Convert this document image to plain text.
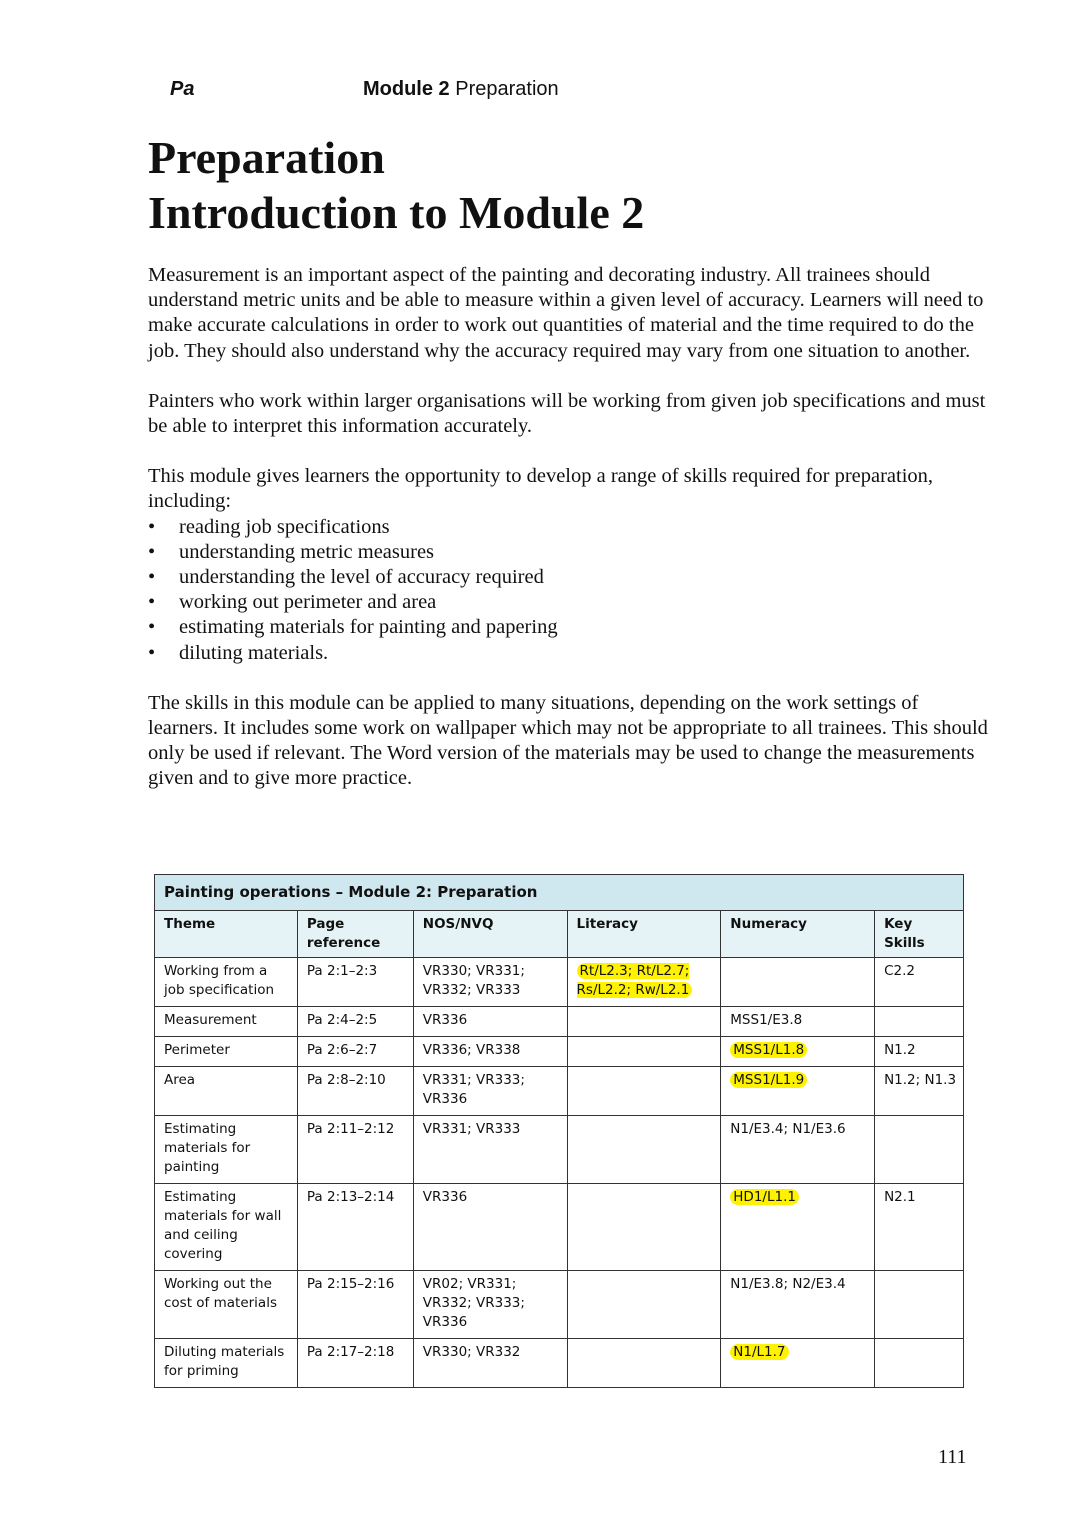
Pa	Module 2 Preparation
Preparation
Introduction to Module 2

Measurement is an important aspect of the painting and decorating industry. All trainees should understand metric units and be able to measure within a given level of accuracy. Learners will need to make accurate calculations in order to work out quantities of material and the time required to do the job. They should also understand why the accuracy required may vary from one situation to another.

Painters who work within larger organisations will be working from given job specifications and must be able to interpret this information accurately.

This module gives learners the opportunity to develop a range of skills required for preparation, including:

• reading job specifications
• understanding metric measures
• understanding the level of accuracy required
• working out perimeter and area
• estimating materials for painting and papering
• diluting materials.

The skills in this module can be applied to many situations, depending on the work settings of learners. It includes some work on wallpaper which may not be appropriate to all trainees. This should only be used if relevant. The Word version of the materials may be used to change the measurements given and to give more practice.

Painting operations – Module 2: Preparation					
Theme	Page reference	NOS/NVQ	Literacy	Numeracy	Key Skills
Working from a job specification	Pa 2:1–2:3	VR330; VR331; VR332; VR333	Rt/L2.3; Rt/L2.7; Rs/L2.2; Rw/L2.1		C2.2
Measurement	Pa 2:4–2:5	VR336		MSS1/E3.8	
Perimeter	Pa 2:6–2:7	VR336; VR338		MSS1/L1.8	N1.2
Area	Pa 2:8–2:10	VR331; VR333; VR336		MSS1/L1.9	N1.2; N1.3
Estimating materials for painting	Pa 2:11–2:12	VR331; VR333		N1/E3.4; N1/E3.6	
Estimating materials for wall and ceiling covering	Pa 2:13–2:14	VR336		HD1/L1.1	N2.1
Working out the cost of materials	Pa 2:15–2:16	VR02; VR331; VR332; VR333; VR336		N1/E3.8; N2/E3.4	
Diluting materials for priming	Pa 2:17–2:18	VR330; VR332		N1/L1.7	
111
